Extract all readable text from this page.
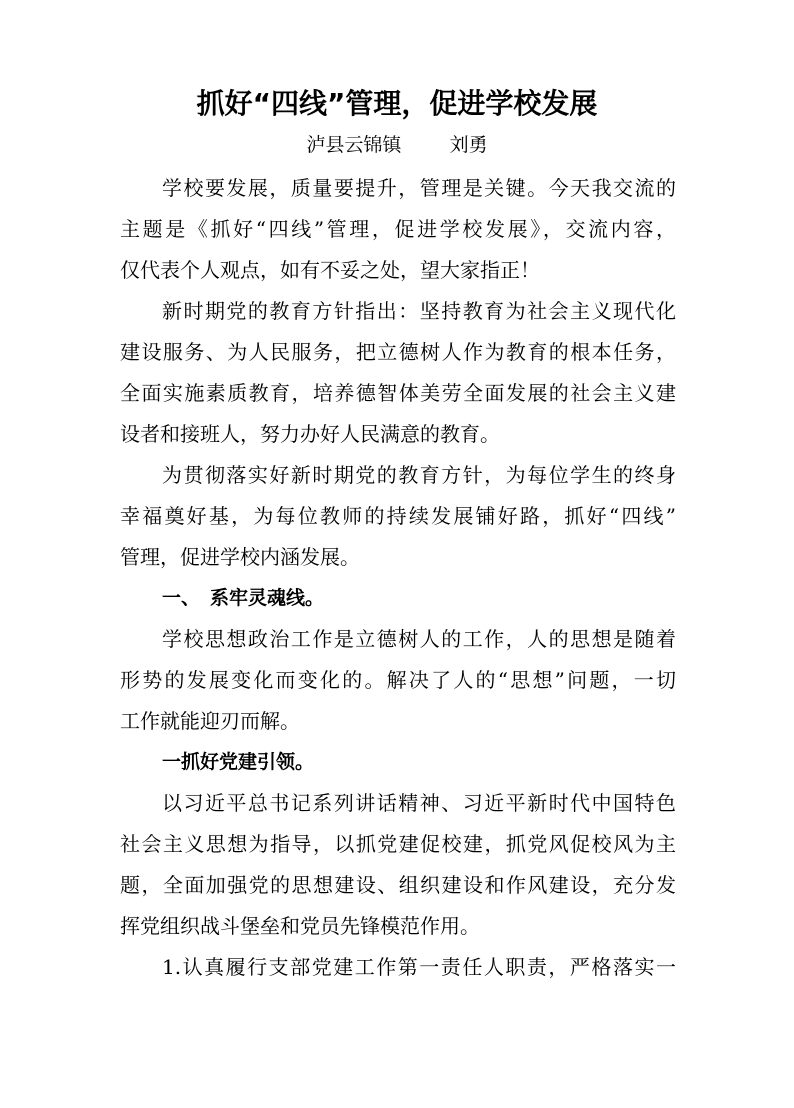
抓好“四线”管理，促进学校发展

泸县云锦镇	刘勇

学校要发展，质量要提升，管理是关键。今天我交流的
主题是《抓好“四线”管理，促进学校发展》，交流内容，
仅代表个人观点，如有不妥之处，望大家指正！
新时期党的教育方针指出：坚持教育为社会主义现代化
建设服务、为人民服务，把立德树人作为教育的根本任务，
全面实施素质教育，培养德智体美劳全面发展的社会主义建
设者和接班人，努力办好人民满意的教育。
为贯彻落实好新时期党的教育方针，为每位学生的终身
幸福奠好基，为每位教师的持续发展铺好路，抓好“四线”
管理，促进学校内涵发展。
一、 系牢灵魂线。
学校思想政治工作是立德树人的工作，人的思想是随着
形势的发展变化而变化的。解决了人的“思想”问题，一切
工作就能迎刃而解。
一抓好党建引领。
以习近平总书记系列讲话精神、习近平新时代中国特色
社会主义思想为指导，以抓党建促校建，抓党风促校风为主
题，全面加强党的思想建设、组织建设和作风建设，充分发
挥党组织战斗堡垒和党员先锋模范作用。
1.认真履行支部党建工作第一责任人职责，严格落实一
